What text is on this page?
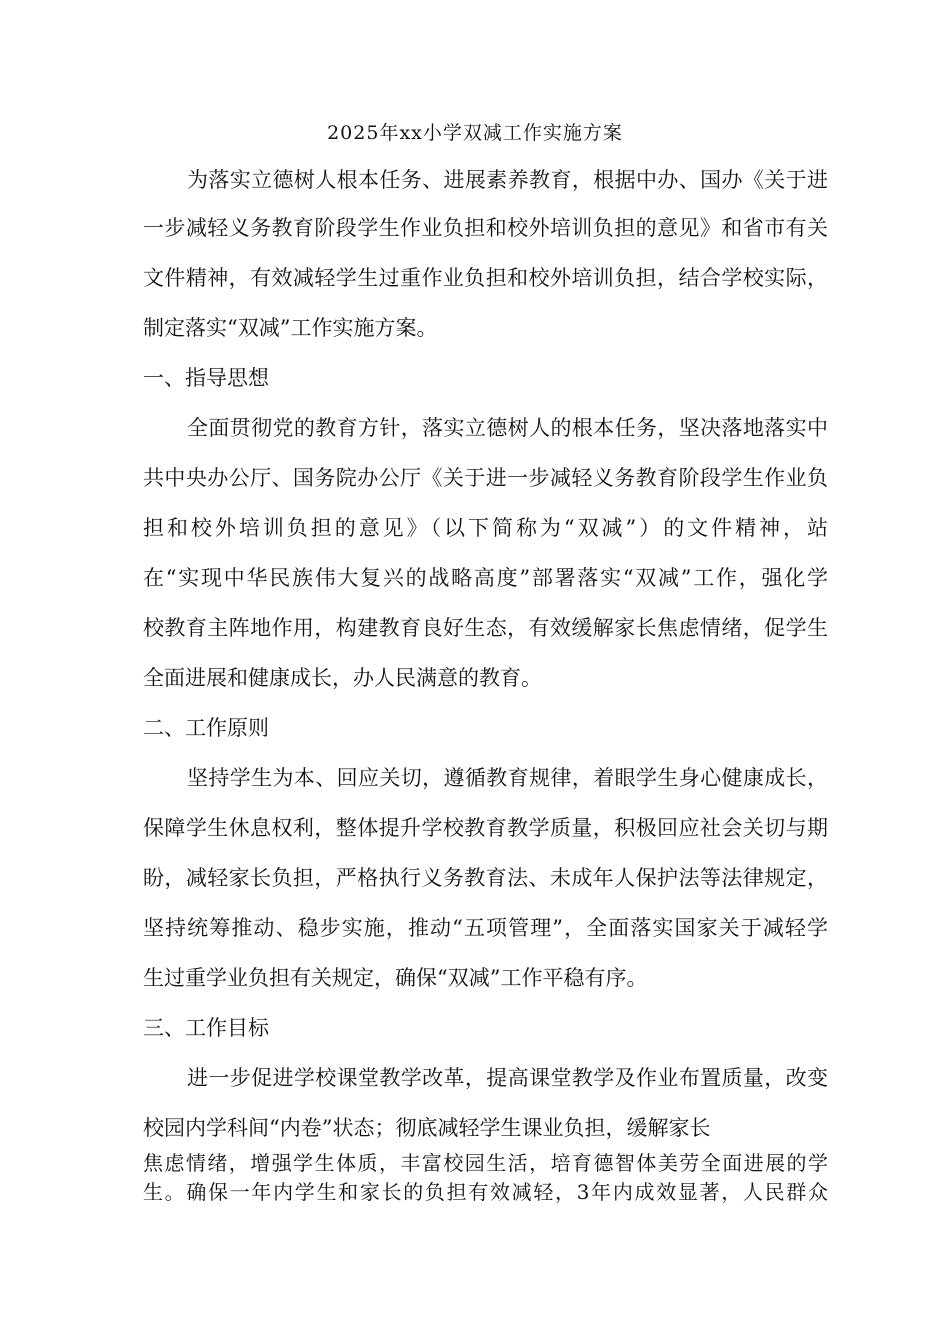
2025年xx小学双减工作实施方案
为落实立德树人根本任务、进展素养教育，根据中办、国办《关于进
一步减轻义务教育阶段学生作业负担和校外培训负担的意见》和省市有关
文件精神，有效减轻学生过重作业负担和校外培训负担，结合学校实际，
制定落实“双减”工作实施方案。
一、指导思想
全面贯彻党的教育方针，落实立德树人的根本任务，坚决落地落实中
共中央办公厅、国务院办公厅《关于进一步减轻义务教育阶段学生作业负
担和校外培训负担的意见》（以下简称为“双减”）的文件精神，站
在“实现中华民族伟大复兴的战略高度”部署落实“双减”工作，强化学
校教育主阵地作用，构建教育良好生态，有效缓解家长焦虑情绪，促学生
全面进展和健康成长，办人民满意的教育。
二、工作原则
坚持学生为本、回应关切，遵循教育规律，着眼学生身心健康成长，
保障学生休息权利，整体提升学校教育教学质量，积极回应社会关切与期
盼，减轻家长负担，严格执行义务教育法、未成年人保护法等法律规定，
坚持统筹推动、稳步实施，推动“五项管理”，全面落实国家关于减轻学
生过重学业负担有关规定，确保“双减”工作平稳有序。
三、工作目标
进一步促进学校课堂教学改革，提高课堂教学及作业布置质量，改变
校园内学科间“内卷”状态；彻底减轻学生课业负担，缓解家长
焦虑情绪，增强学生体质，丰富校园生活，培育德智体美劳全面进展的学
生。确保一年内学生和家长的负担有效减轻，3年内成效显著，人民群众
